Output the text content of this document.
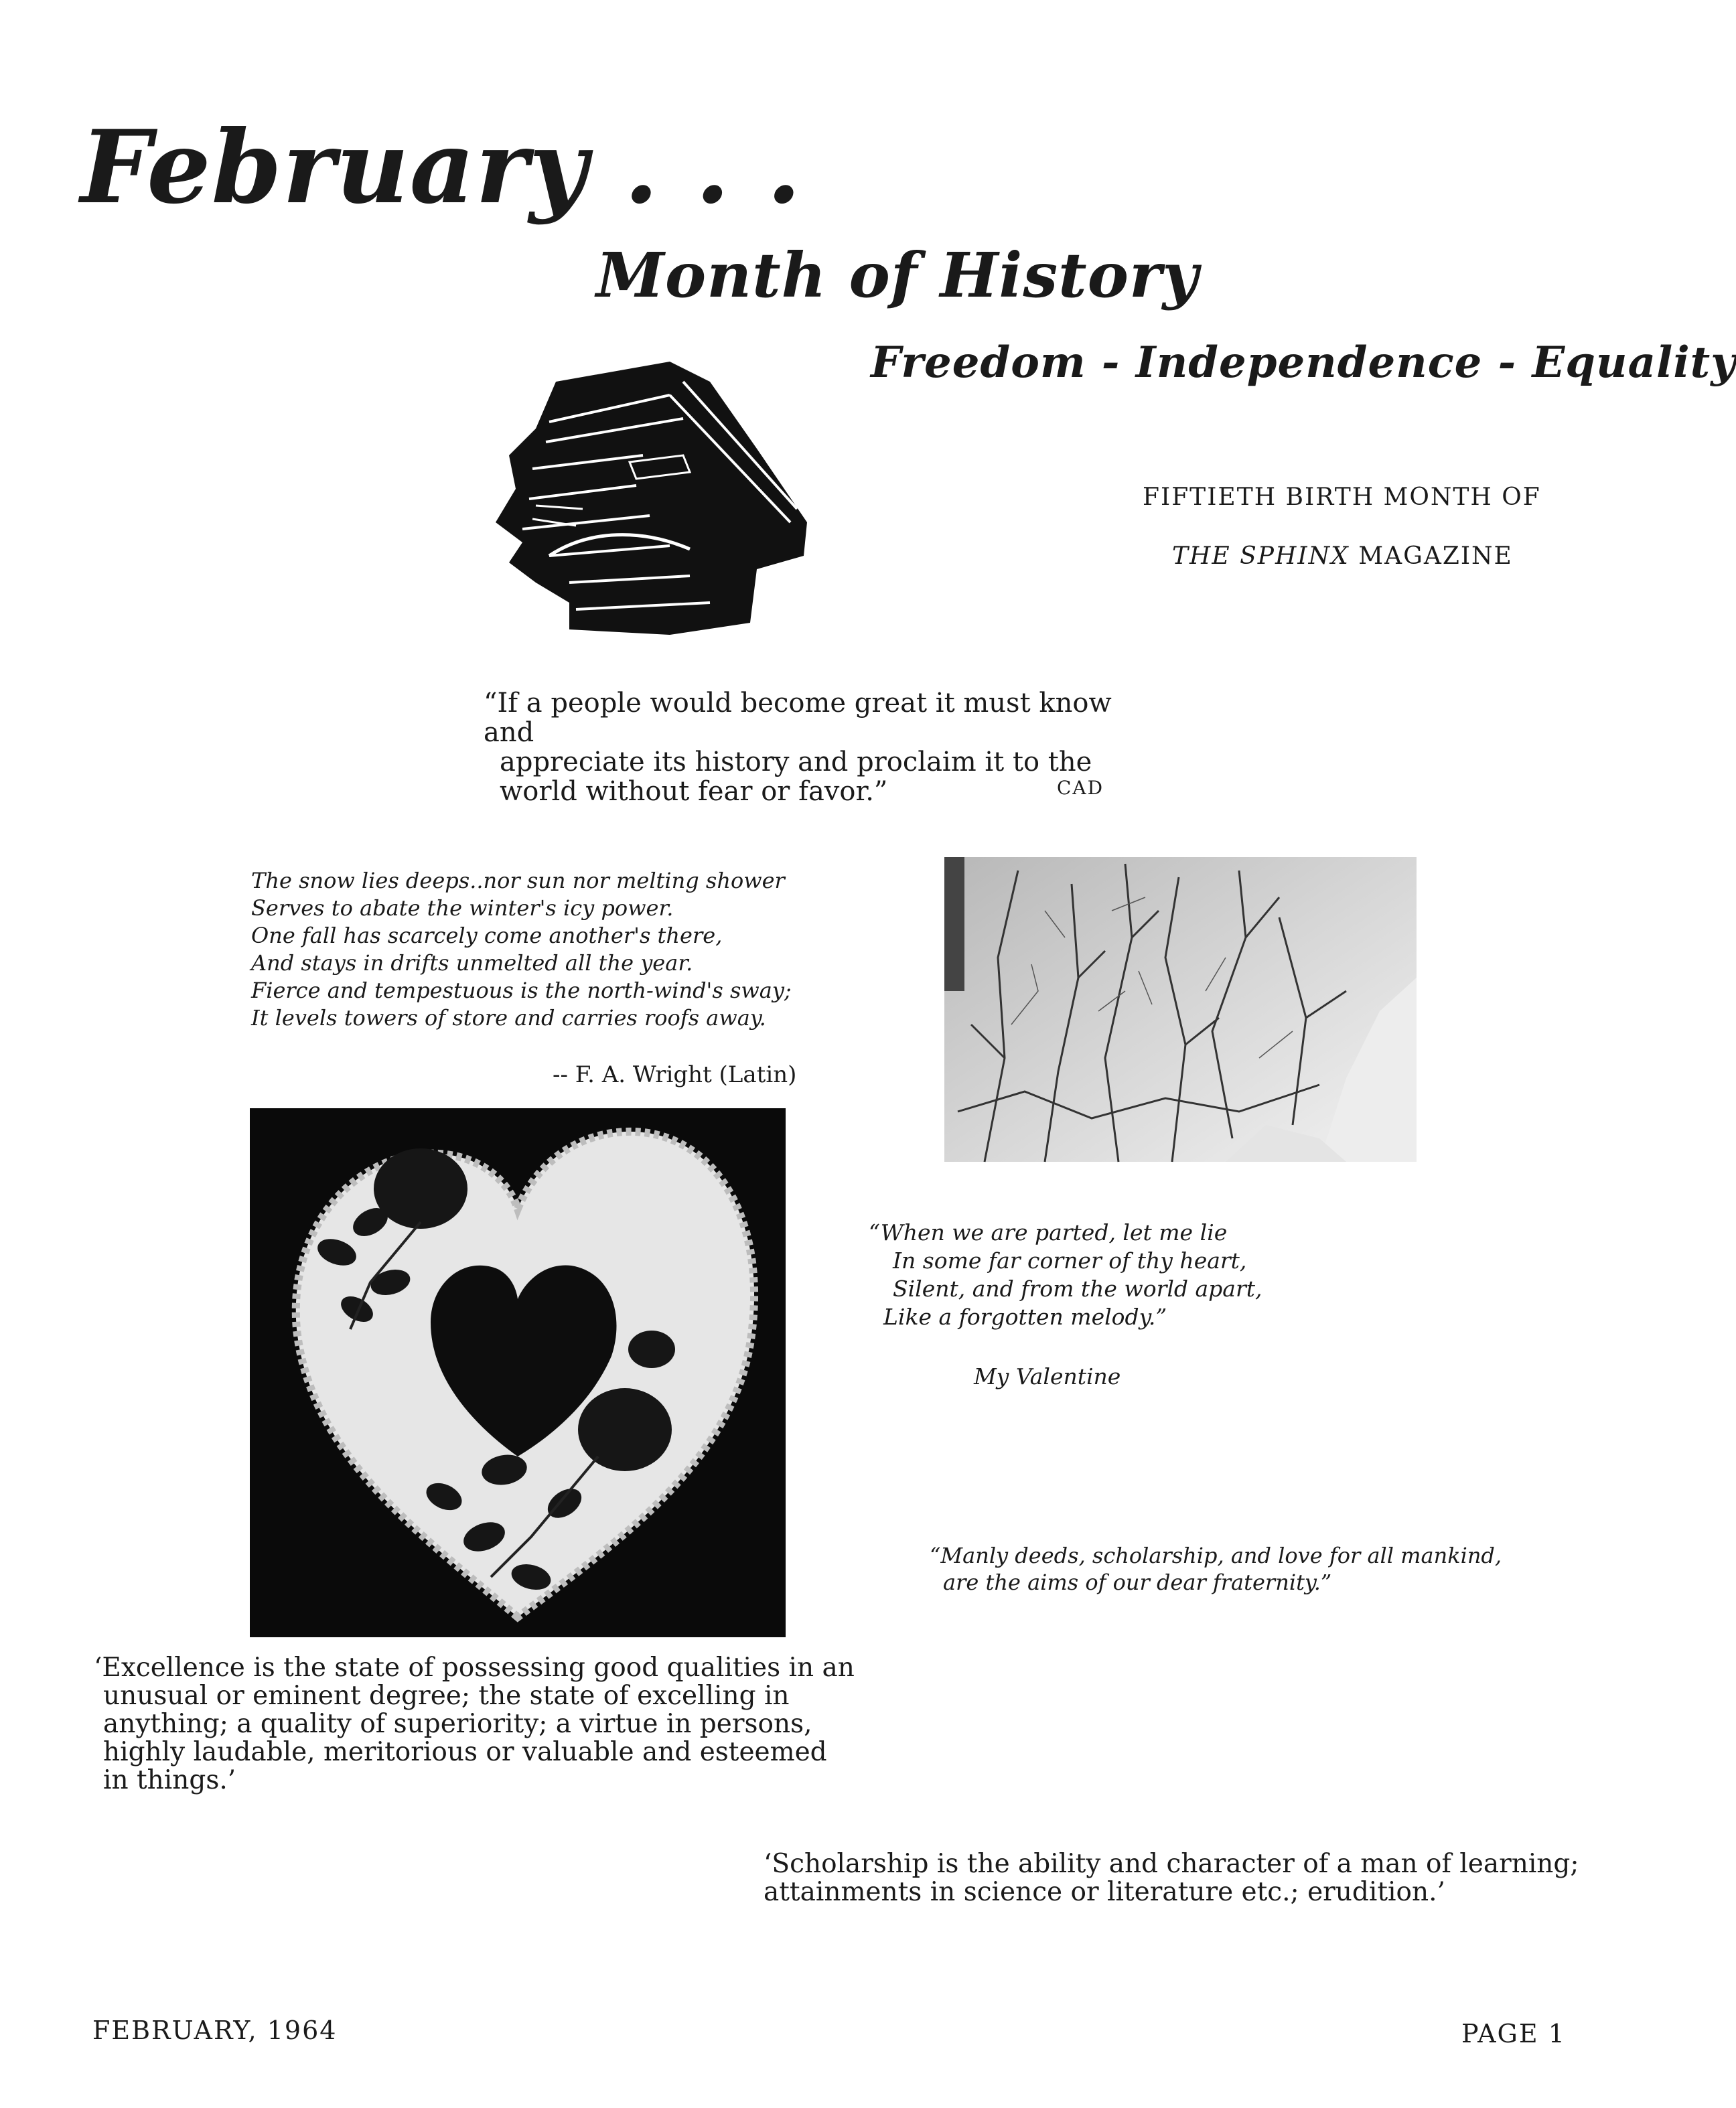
February . . .
Month of History
Freedom - Independence - Equality
FIFTIETH BIRTH MONTH OF
THE SPHINX MAGAZINE
“If a people would become great it must know and
appreciate its history and proclaim it to the
world without fear or favor.”	CAD
The snow lies deeps..nor sun nor melting shower
Serves to abate the winter's icy power.
One fall has scarcely come another's there,
And stays in drifts unmelted all the year.
Fierce and tempestuous is the north-wind's sway;
It levels towers of store and carries roofs away.
-- F. A. Wright (Latin)
“When we are parted, let me lie
In some far corner of thy heart,
Silent, and from the world apart,
Like a forgotten melody.”
My Valentine
“Manly deeds, scholarship, and love for all mankind,
are the aims of our dear fraternity.”
‘Excellence is the state of possessing good qualities in an
unusual or eminent degree; the state of excelling in
anything; a quality of superiority; a virtue in persons,
highly laudable, meritorious or valuable and esteemed
in things.’
‘Scholarship is the ability and character of a man of learning;
attainments in science or literature etc.; erudition.’
FEBRUARY, 1964	PAGE 1
